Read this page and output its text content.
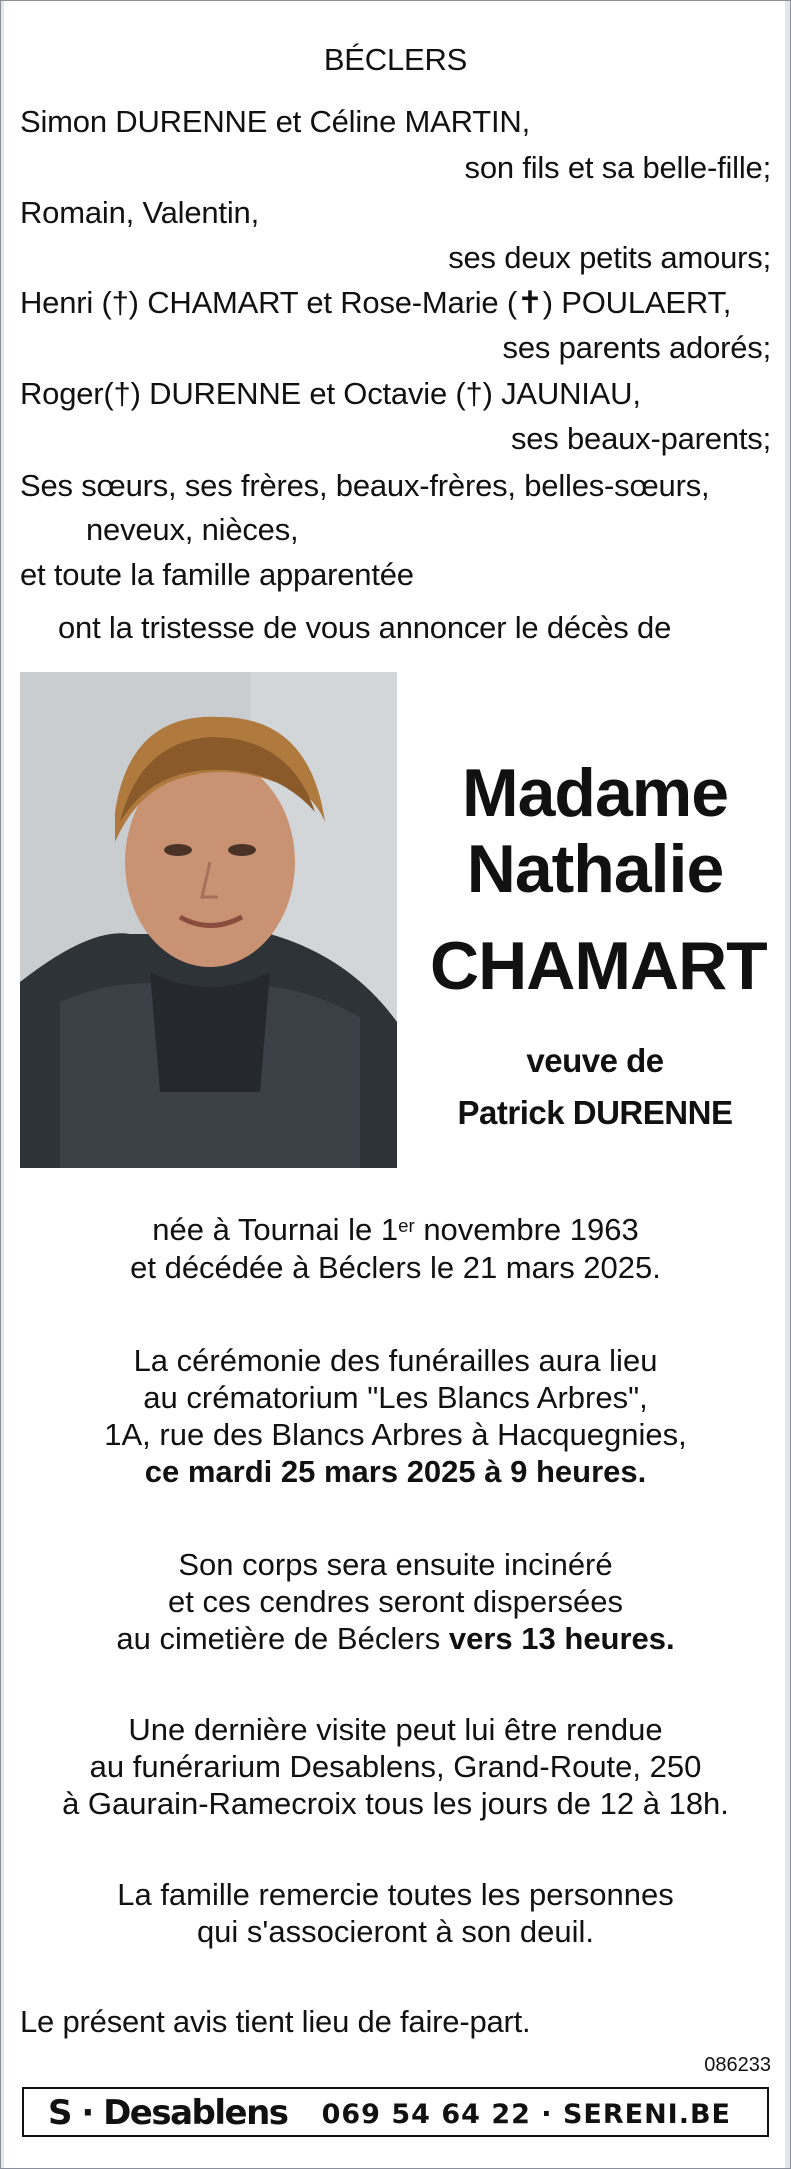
BÉCLERS
Simon DURENNE et Céline MARTIN,
son fils et sa belle-fille;
Romain, Valentin,
ses deux petits amours;
Henri (†) CHAMART et Rose-Marie (✝) POULAERT,
ses parents adorés;
Roger(†) DURENNE et Octavie (†) JAUNIAU,
ses beaux-parents;
Ses sœurs, ses frères, beaux-frères, belles-sœurs,
neveux, nièces,
et toute la famille apparentée
ont la tristesse de vous annoncer le décès de
Madame
Nathalie
CHAMART
veuve de
Patrick DURENNE
née à Tournai le 1er novembre 1963
et décédée à Béclers le 21 mars 2025.
La cérémonie des funérailles aura lieu
au crématorium "Les Blancs Arbres",
1A, rue des Blancs Arbres à Hacquegnies,
ce mardi 25 mars 2025 à 9 heures.
Son corps sera ensuite incinéré
et ces cendres seront dispersées
au cimetière de Béclers vers 13 heures.
Une dernière visite peut lui être rendue
au funérarium Desablens, Grand-Route, 250
à Gaurain-Ramecroix tous les jours de 12 à 18h.
La famille remercie toutes les personnes
qui s'associeront à son deuil.
Le présent avis tient lieu de faire-part.
086233
S · Desablens 069 54 64 22 · SERENI.BE
